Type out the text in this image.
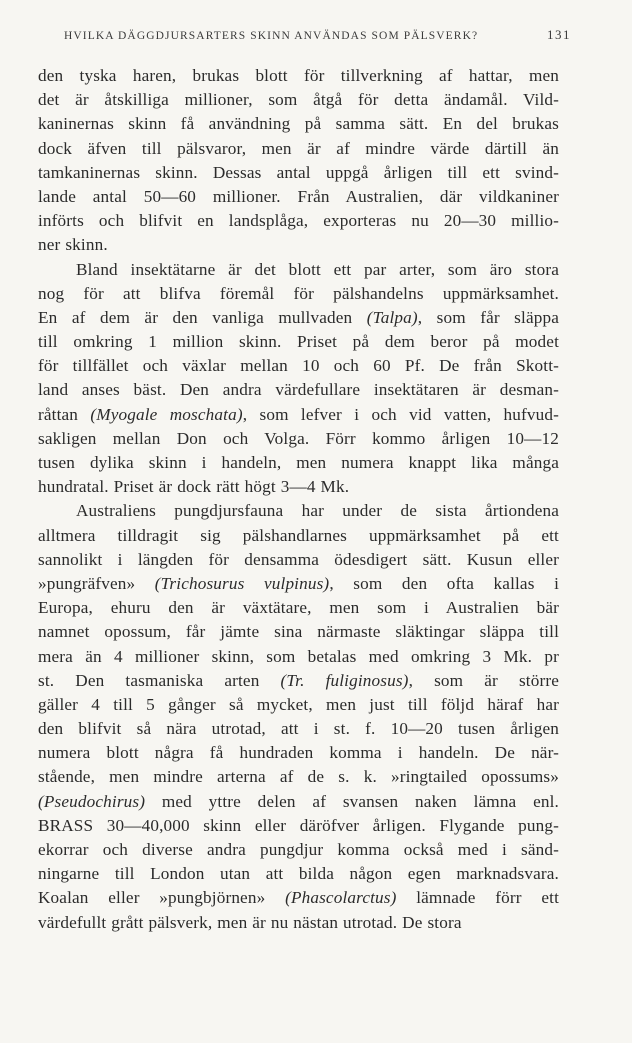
HVILKA DÄGGDJURSARTERS SKINN ANVÄNDAS SOM PÄLSVERK?	131
den tyska haren, brukas blott för tillverkning af hattar, men
det är åtskilliga millioner, som åtgå för detta ändamål. Vild-
kaninernas skinn få användning på samma sätt. En del brukas
dock äfven till pälsvaror, men är af mindre värde därtill än
tamkaninernas skinn. Dessas antal uppgå årligen till ett svind-
lande antal 50—60 millioner. Från Australien, där vildkaniner
införts och blifvit en landsplåga, exporteras nu 20—30 millio-
ner skinn.
Bland insektätarne är det blott ett par arter, som äro stora
nog för att blifva föremål för pälshandelns uppmärksamhet.
En af dem är den vanliga mullvaden (Talpa), som får släppa
till omkring 1 million skinn. Priset på dem beror på modet
för tillfället och växlar mellan 10 och 60 Pf. De från Skott-
land anses bäst. Den andra värdefullare insektätaren är desman-
råttan (Myogale moschata), som lefver i och vid vatten, hufvud-
sakligen mellan Don och Volga. Förr kommo årligen 10—12
tusen dylika skinn i handeln, men numera knappt lika många
hundratal. Priset är dock rätt högt 3—4 Mk.
Australiens pungdjursfauna har under de sista årtiondena
alltmera tilldragit sig pälshandlarnes uppmärksamhet på ett
sannolikt i längden för densamma ödesdigert sätt. Kusun eller
»pungräfven» (Trichosurus vulpinus), som den ofta kallas i
Europa, ehuru den är växtätare, men som i Australien bär
namnet opossum, får jämte sina närmaste släktingar släppa till
mera än 4 millioner skinn, som betalas med omkring 3 Mk. pr
st. Den tasmaniska arten (Tr. fuliginosus), som är större
gäller 4 till 5 gånger så mycket, men just till följd häraf har
den blifvit så nära utrotad, att i st. f. 10—20 tusen årligen
numera blott några få hundraden komma i handeln. De när-
stående, men mindre arterna af de s. k. »ringtailed opossums»
(Pseudochirus) med yttre delen af svansen naken lämna enl.
BRASS 30—40,000 skinn eller däröfver årligen. Flygande pung-
ekorrar och diverse andra pungdjur komma också med i sänd-
ningarne till London utan att bilda någon egen marknadsvara.
Koalan eller »pungbjörnen» (Phascolarctus) lämnade förr ett
värdefullt grått pälsverk, men är nu nästan utrotad. De stora
